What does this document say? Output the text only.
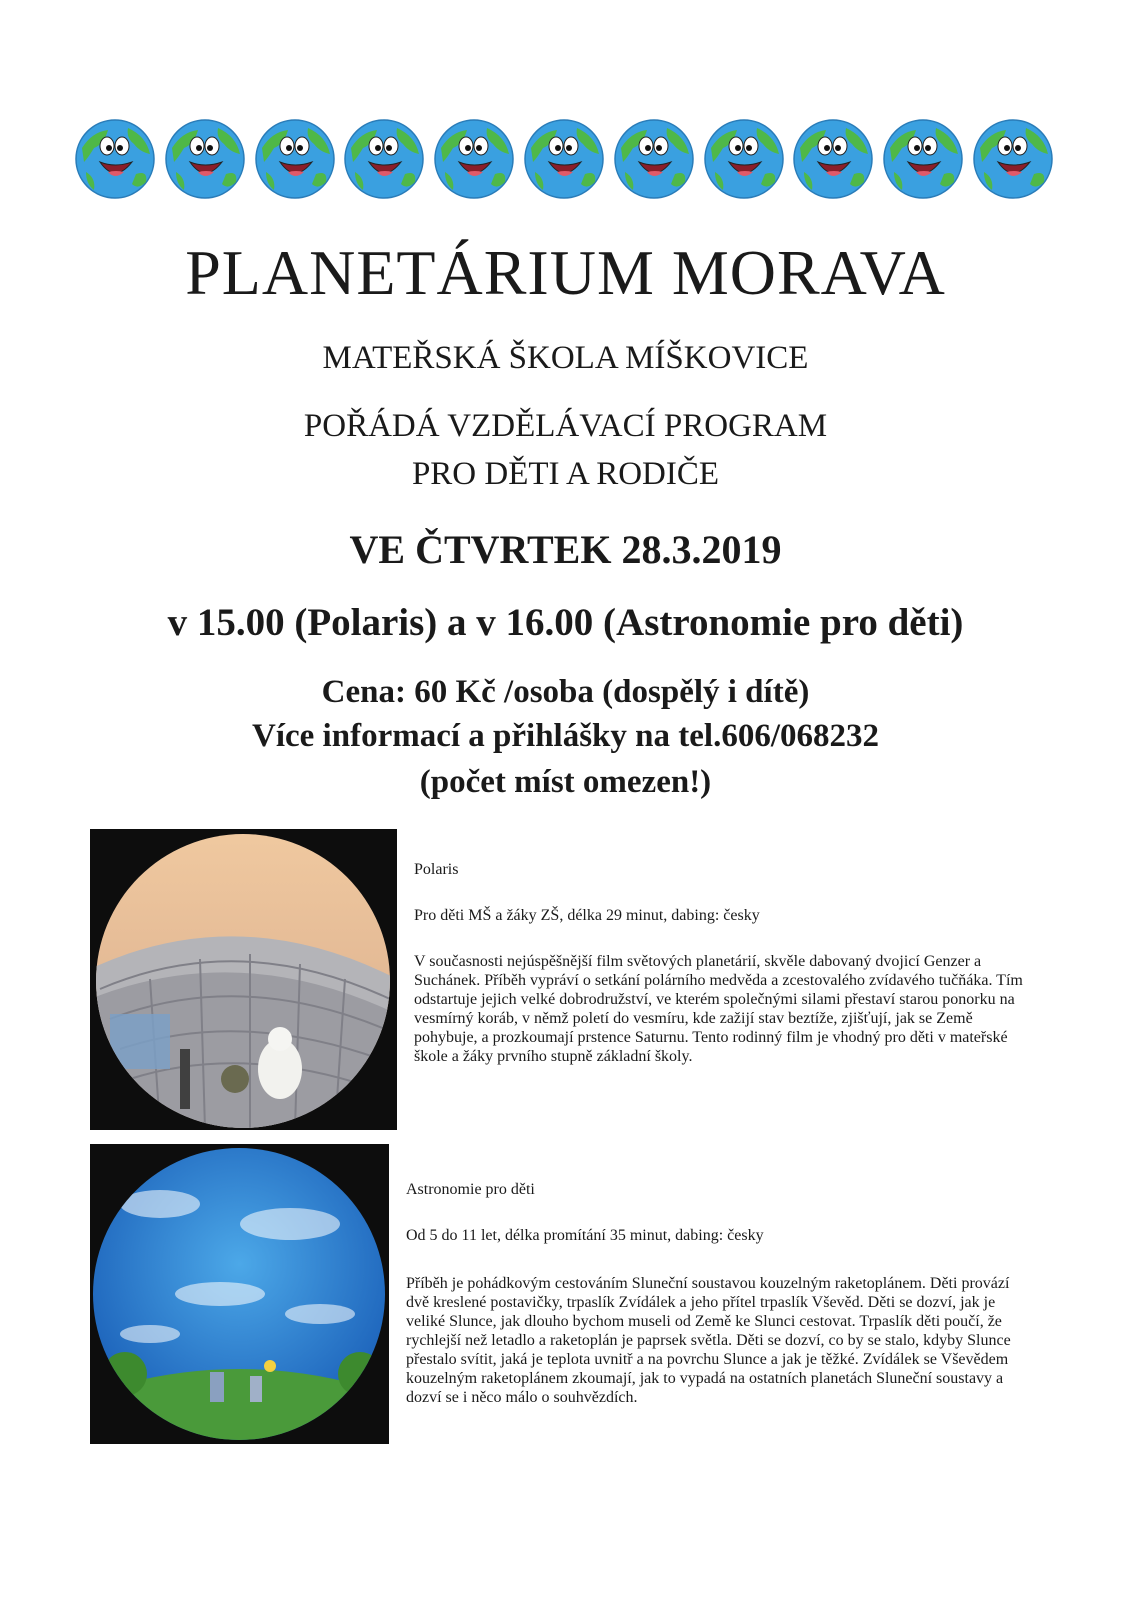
PLANETÁRIUM MORAVA
MATEŘSKÁ ŠKOLA MÍŠKOVICE
POŘÁDÁ VZDĚLÁVACÍ PROGRAM
PRO DĚTI A RODIČE
VE ČTVRTEK 28.3.2019
v 15.00 (Polaris) a v 16.00 (Astronomie pro děti)
Cena: 60 Kč /osoba (dospělý i dítě)
Více informací a přihlášky na tel.606/068232
(počet míst omezen!)
Polaris
Pro děti MŠ a žáky ZŠ, délka 29 minut, dabing: česky
V současnosti nejúspěšnější film světových planetárií, skvěle dabovaný dvojicí Genzer a Suchánek. Příběh vypráví o setkání polárního medvěda a zcestovalého zvídavého tučňáka. Tím odstartuje jejich velké dobrodružství, ve kterém společnými silami přestaví starou ponorku na vesmírný koráb, v němž poletí do vesmíru, kde zažijí stav beztíže, zjišťují, jak se Země pohybuje, a prozkoumají prstence Saturnu. Tento rodinný film je vhodný pro děti v mateřské škole a žáky prvního stupně základní školy.
Astronomie pro děti
Od 5 do 11 let, délka promítání 35 minut, dabing: česky
Příběh je pohádkovým cestováním Sluneční soustavou kouzelným raketoplánem. Děti provází dvě kreslené postavičky, trpaslík Zvídálek a jeho přítel trpaslík Vševěd. Děti se dozví, jak je veliké Slunce, jak dlouho bychom museli od Země ke Slunci cestovat. Trpaslík děti poučí, že rychlejší než letadlo a raketoplán je paprsek světla. Děti se dozví, co by se stalo, kdyby Slunce přestalo svítit, jaká je teplota uvnitř a na povrchu Slunce a jak je těžké. Zvídálek se Vševědem kouzelným raketoplánem zkoumají, jak to vypadá na ostatních planetách Sluneční soustavy a dozví se i něco málo o souhvězdích.
